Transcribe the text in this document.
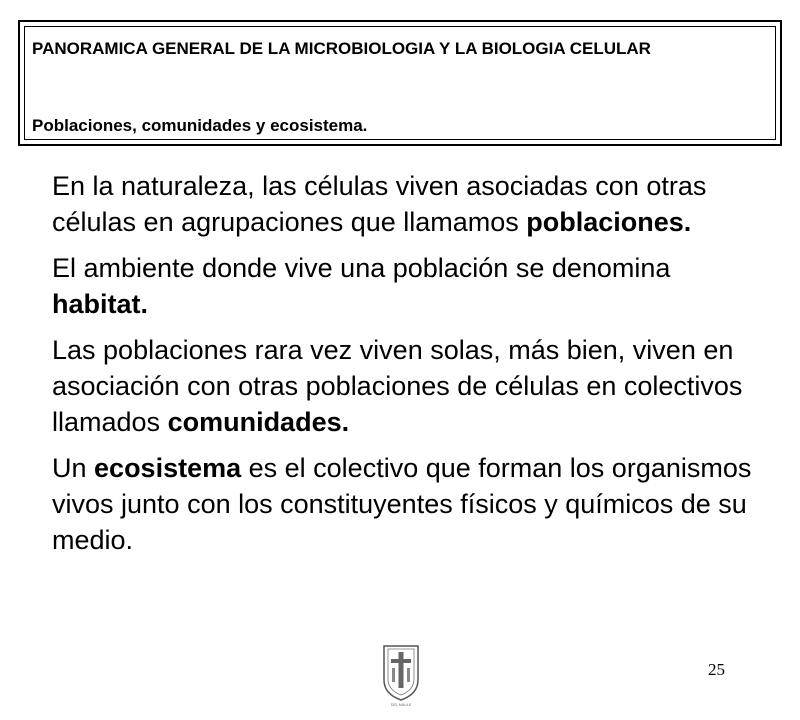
PANORAMICA GENERAL DE LA MICROBIOLOGIA Y LA BIOLOGIA CELULAR

Poblaciones, comunidades y ecosistema.

En la naturaleza, las células viven asociadas con otras células en agrupaciones que llamamos poblaciones.

El ambiente donde vive una población se denomina habitat.

Las poblaciones rara vez viven solas, más bien, viven en asociación con otras poblaciones de células en colectivos llamados comunidades.

Un ecosistema es el colectivo que forman los organismos vivos junto con los constituyentes físicos y químicos de su medio.

DEL MAULE
25
